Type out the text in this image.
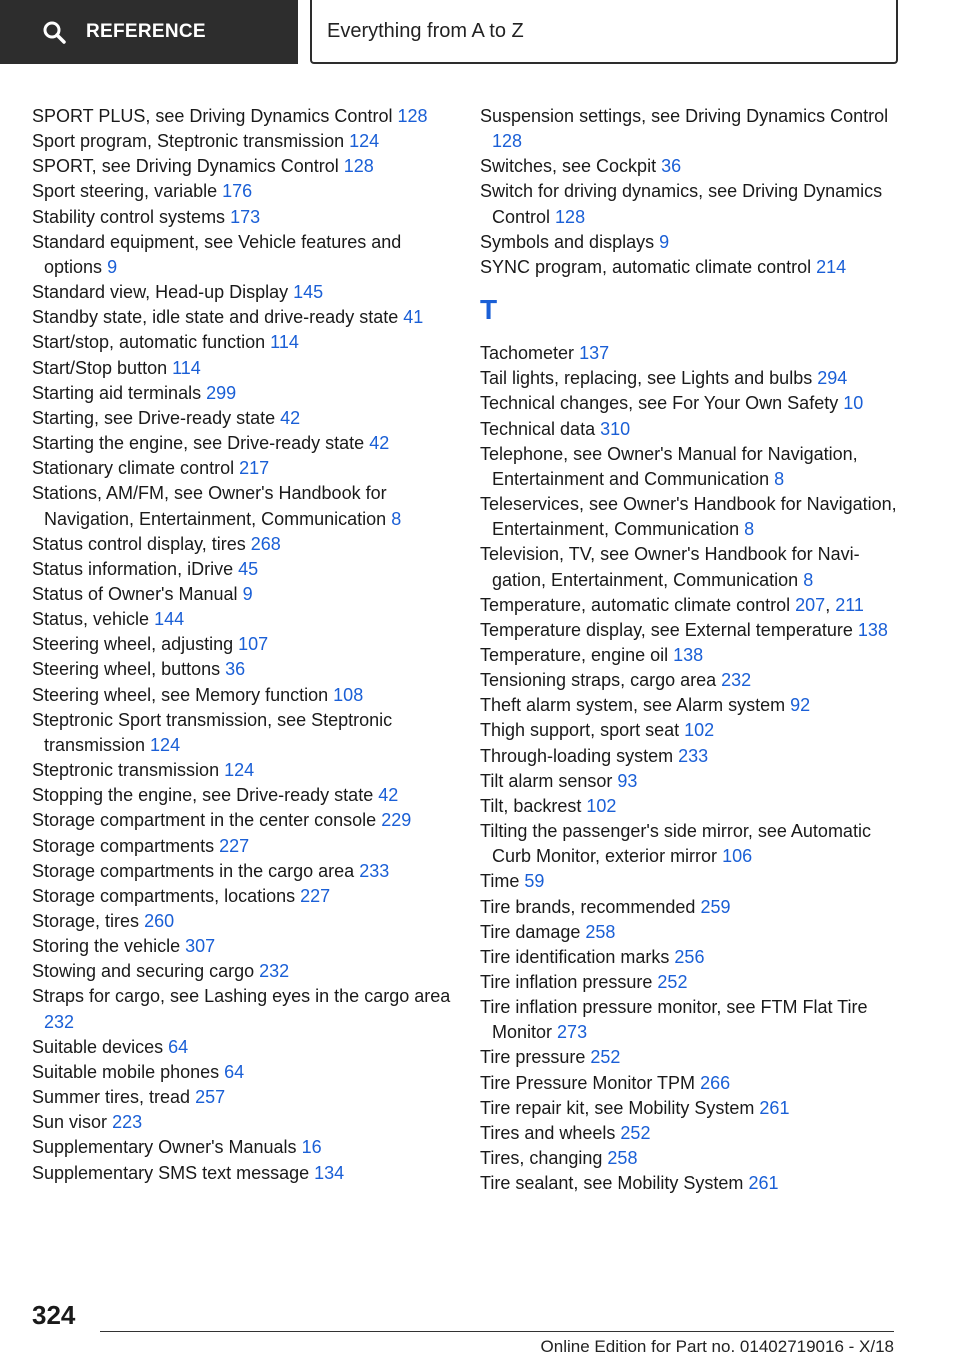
REFERENCE	Everything from A to Z
SPORT PLUS, see Driving Dynamics Control 128
Sport program, Steptronic transmission 124
SPORT, see Driving Dynamics Control 128
Sport steering, variable 176
Stability control systems 173
Standard equipment, see Vehicle features and options 9
Standard view, Head-up Display 145
Standby state, idle state and drive-ready state 41
Start/stop, automatic function 114
Start/Stop button 114
Starting aid terminals 299
Starting, see Drive-ready state 42
Starting the engine, see Drive-ready state 42
Stationary climate control 217
Stations, AM/FM, see Owner's Handbook for Navigation, Entertainment, Communication 8
Status control display, tires 268
Status information, iDrive 45
Status of Owner's Manual 9
Status, vehicle 144
Steering wheel, adjusting 107
Steering wheel, buttons 36
Steering wheel, see Memory function 108
Steptronic Sport transmission, see Steptronic transmission 124
Steptronic transmission 124
Stopping the engine, see Drive-ready state 42
Storage compartment in the center console 229
Storage compartments 227
Storage compartments in the cargo area 233
Storage compartments, locations 227
Storage, tires 260
Storing the vehicle 307
Stowing and securing cargo 232
Straps for cargo, see Lashing eyes in the cargo area 232
Suitable devices 64
Suitable mobile phones 64
Summer tires, tread 257
Sun visor 223
Supplementary Owner's Manuals 16
Supplementary SMS text message 134
Suspension settings, see Driving Dynamics Control 128
Switches, see Cockpit 36
Switch for driving dynamics, see Driving Dynamics Control 128
Symbols and displays 9
SYNC program, automatic climate control 214
T
Tachometer 137
Tail lights, replacing, see Lights and bulbs 294
Technical changes, see For Your Own Safety 10
Technical data 310
Telephone, see Owner's Manual for Navigation, Entertainment and Communication 8
Teleservices, see Owner's Handbook for Navigation, Entertainment, Communication 8
Television, TV, see Owner's Handbook for Navigation, Entertainment, Communication 8
Temperature, automatic climate control 207, 211
Temperature display, see External temperature 138
Temperature, engine oil 138
Tensioning straps, cargo area 232
Theft alarm system, see Alarm system 92
Thigh support, sport seat 102
Through-loading system 233
Tilt alarm sensor 93
Tilt, backrest 102
Tilting the passenger's side mirror, see Automatic Curb Monitor, exterior mirror 106
Time 59
Tire brands, recommended 259
Tire damage 258
Tire identification marks 256
Tire inflation pressure 252
Tire inflation pressure monitor, see FTM Flat Tire Monitor 273
Tire pressure 252
Tire Pressure Monitor TPM 266
Tire repair kit, see Mobility System 261
Tires and wheels 252
Tires, changing 258
Tire sealant, see Mobility System 261
324
Online Edition for Part no. 01402719016 - X/18
